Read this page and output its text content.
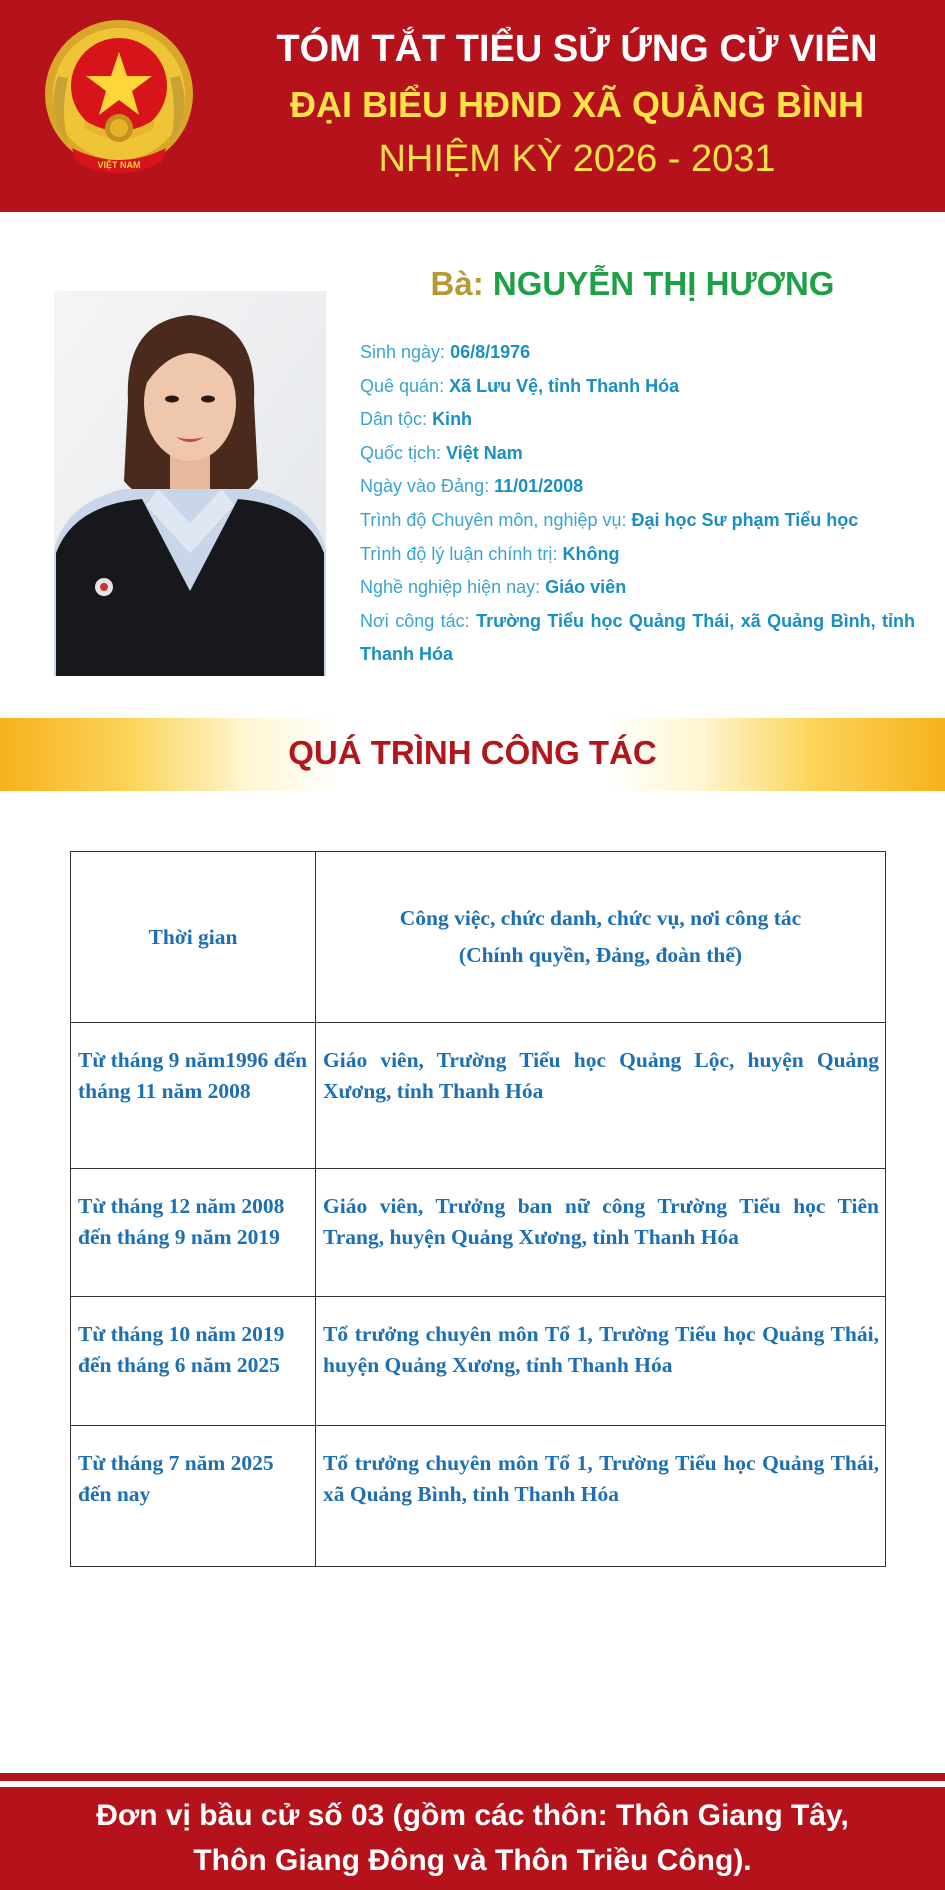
VIỆT NAM
TÓM TẮT TIỂU SỬ ỨNG CỬ VIÊN
ĐẠI BIỂU HĐND XÃ QUẢNG BÌNH
NHIỆM KỲ 2026 - 2031
Bà: NGUYỄN THỊ HƯƠNG
Sinh ngày: 06/8/1976
Quê quán: Xã Lưu Vệ, tỉnh Thanh Hóa
Dân tộc: Kinh
Quốc tịch: Việt Nam
Ngày vào Đảng: 11/01/2008
Trình độ Chuyên môn, nghiệp vụ: Đại học Sư phạm Tiểu học
Trình độ lý luận chính trị: Không
Nghề nghiệp hiện nay: Giáo viên
Nơi công tác: Trường Tiểu học Quảng Thái, xã Quảng Bình, tỉnh Thanh Hóa
QUÁ TRÌNH CÔNG TÁC
Thời gian	Công việc, chức danh, chức vụ, nơi công tác
(Chính quyền, Đảng, đoàn thể)

Từ tháng 9 năm1996 đến tháng 11 năm 2008	Giáo viên, Trường Tiểu học Quảng Lộc, huyện Quảng Xương, tỉnh Thanh Hóa
Từ tháng 12 năm 2008 đến tháng 9 năm 2019	Giáo viên, Trưởng ban nữ công Trường Tiểu học Tiên Trang, huyện Quảng Xương, tỉnh Thanh Hóa
Từ tháng 10 năm 2019 đến tháng 6 năm 2025	Tổ trưởng chuyên môn Tổ 1, Trường Tiểu học Quảng Thái, huyện Quảng Xương, tỉnh Thanh Hóa
Từ tháng 7 năm 2025 đến nay	Tổ trưởng chuyên môn Tổ 1, Trường Tiểu học Quảng Thái, xã Quảng Bình, tỉnh Thanh Hóa
Đơn vị bầu cử số 03 (gồm các thôn: Thôn Giang Tây,
Thôn Giang Đông và Thôn Triều Công).
